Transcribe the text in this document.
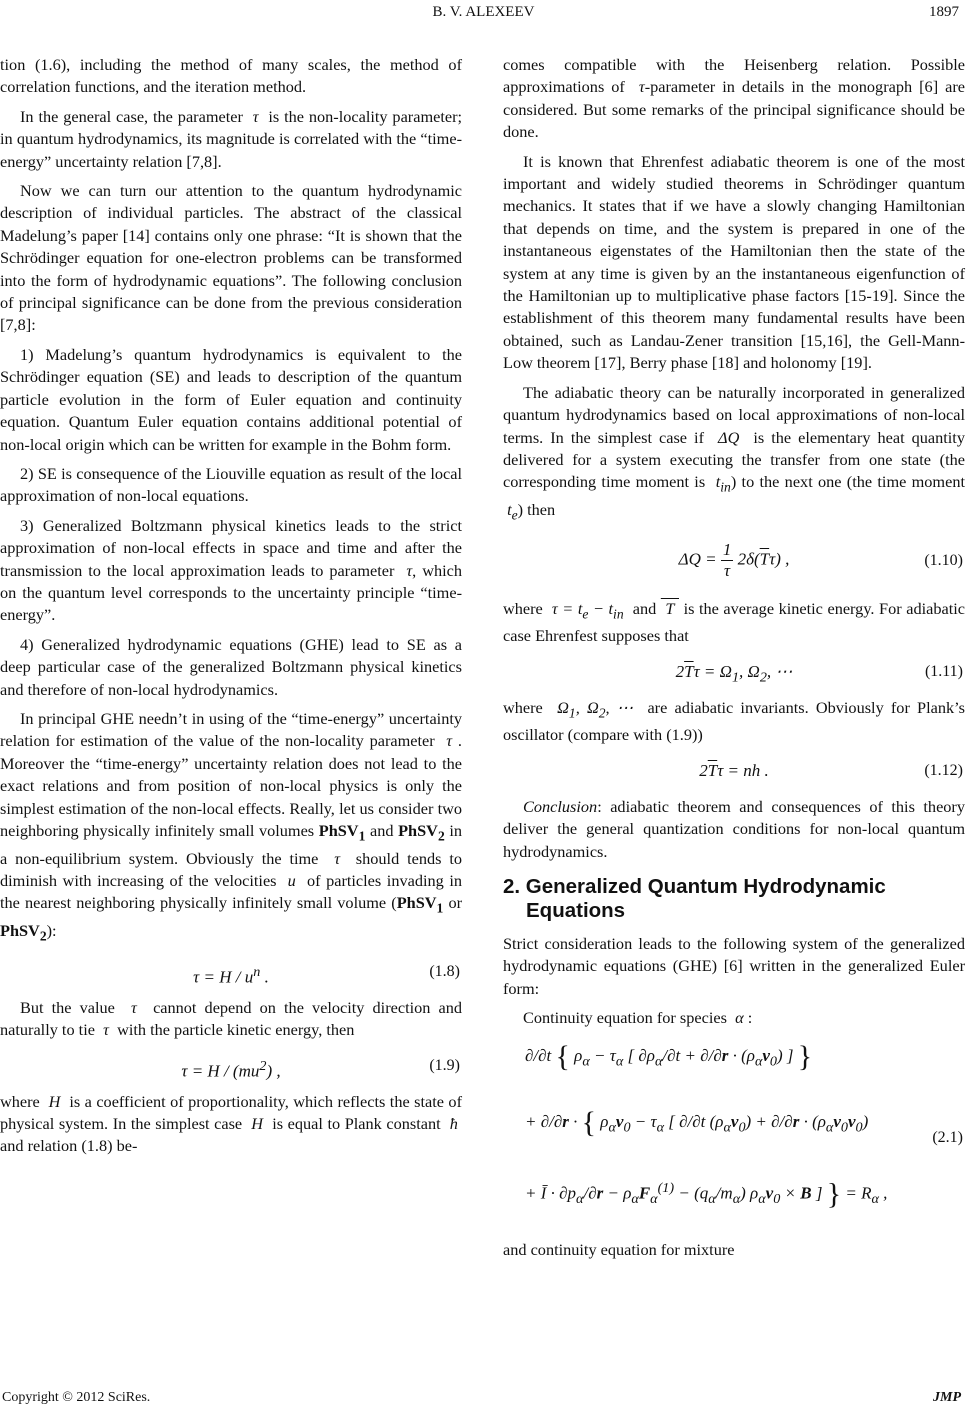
B. V. ALEXEEV	1897

tion (1.6), including the method of many scales, the method of correlation functions, and the iteration method.

In the general case, the parameter  τ  is the non-locality parameter; in quantum hydrodynamics, its magnitude is correlated with the “time-energy” uncertainty relation [7,8].

Now we can turn our attention to the quantum hydrodynamic description of individual particles. The abstract of the classical Madelung’s paper [14] contains only one phrase: “It is shown that the Schrödinger equation for one-electron problems can be transformed into the form of hydrodynamic equations”. The following conclusion of principal significance can be done from the previous consideration [7,8]:

1) Madelung’s quantum hydrodynamics is equivalent to the Schrödinger equation (SE) and leads to description of the quantum particle evolution in the form of Euler equation and continuity equation. Quantum Euler equation contains additional potential of non-local origin which can be written for example in the Bohm form.

2) SE is consequence of the Liouville equation as result of the local approximation of non-local equations.

3) Generalized Boltzmann physical kinetics leads to the strict approximation of non-local effects in space and time and after the transmission to the local approximation leads to parameter  τ, which on the quantum level corresponds to the uncertainty principle “time-energy”.

4) Generalized hydrodynamic equations (GHE) lead to SE as a deep particular case of the generalized Boltzmann physical kinetics and therefore of non-local hydrodynamics.

In principal GHE needn’t in using of the “time-energy” uncertainty relation for estimation of the value of the non-locality parameter  τ . Moreover the “time-energy” uncertainty relation does not lead to the exact relations and from position of non-local physics is only the simplest estimation of the non-local effects. Really, let us consider two neighboring physically infinitely small volumes PhSV$_1$ and PhSV$_2$ in a non-equilibrium system. Obviously the time  τ  should tends to diminish with increasing of the velocities  u  of particles invading in the nearest neighboring physically infinitely small volume (PhSV$_1$ or PhSV$_2$):

$\tau = H / u^n$ .	(1.8)

But the value  τ  cannot depend on the velocity direction and naturally to tie  τ  with the particle kinetic energy, then

$\tau = H / (mu^2)$ ,	(1.9)

where  H  is a coefficient of proportionality, which reflects the state of physical system. In the simplest case  H  is equal to Plank constant  ħ  and relation (1.8) be-

comes compatible with the Heisenberg relation. Possible approximations of  τ-parameter in details in the monograph [6] are considered. But some remarks of the principal significance should be done.

It is known that Ehrenfest adiabatic theorem is one of the most important and widely studied theorems in Schrödinger quantum mechanics. It states that if we have a slowly changing Hamiltonian that depends on time, and the system is prepared in one of the instantaneous eigenstates of the Hamiltonian then the state of the system at any time is given by an the instantaneous eigenfunction of the Hamiltonian up to multiplicative phase factors [15-19]. Since the establishment of this theorem many fundamental results have been obtained, such as Landau-Zener transition [15,16], the Gell-Mann-Low theorem [17], Berry phase [18] and holonomy [19].

The adiabatic theory can be naturally incorporated in generalized quantum hydrodynamics based on local approximations of non-local terms. In the simplest case if  ΔQ  is the elementary heat quantity delivered for a system executing the transfer from one state (the corresponding time moment is  $t_{in}$) to the next one (the time moment  $t_e$) then

$\Delta Q = \frac{1}{\tau} 2\delta(\overline{T}\tau)$ ,	(1.10)

where  $\tau = t_e - t_{in}$ and  T  is the average kinetic energy. For adiabatic case Ehrenfest supposes that

$2\overline{T}\tau = \Omega_1$, $\Omega_2$, ⋯	(1.11)

where  $\Omega_1$, $\Omega_2$, ⋯  are adiabatic invariants. Obviously for Plank’s oscillator (compare with (1.9))

$2\overline{T}\tau$ = nh .	(1.12)

Conclusion: adiabatic theorem and consequences of this theory deliver the general quantization conditions for non-local quantum hydrodynamics.

2. Generalized Quantum Hydrodynamic
Equations

Strict consideration leads to the following system of the generalized hydrodynamic equations (GHE) [6] written in the generalized Euler form:

Continuity equation for species  α :

∂/∂t { $\rho_\alpha - \tau_\alpha$ [ $\partial\rho_\alpha/\partial t + \partial/\partial r \cdot (\rho_\alpha v_0)$ ] }
+ ∂/∂r · { $\rho_\alpha v_0 - \tau_\alpha$ [ ∂/∂t $(\rho_\alpha v_0) + \partial/\partial r \cdot (\rho_\alpha v_0v_0)$
+ Ī · $\partial p_\alpha/\partial r - \rho_\alpha F_\alpha^{(1)} - (q_\alpha/m_\alpha) \rho_\alpha v_0 \times B$ ] } = $R_\alpha$ ,
(2.1)

and continuity equation for mixture

Copyright © 2012 SciRes.	JMP
